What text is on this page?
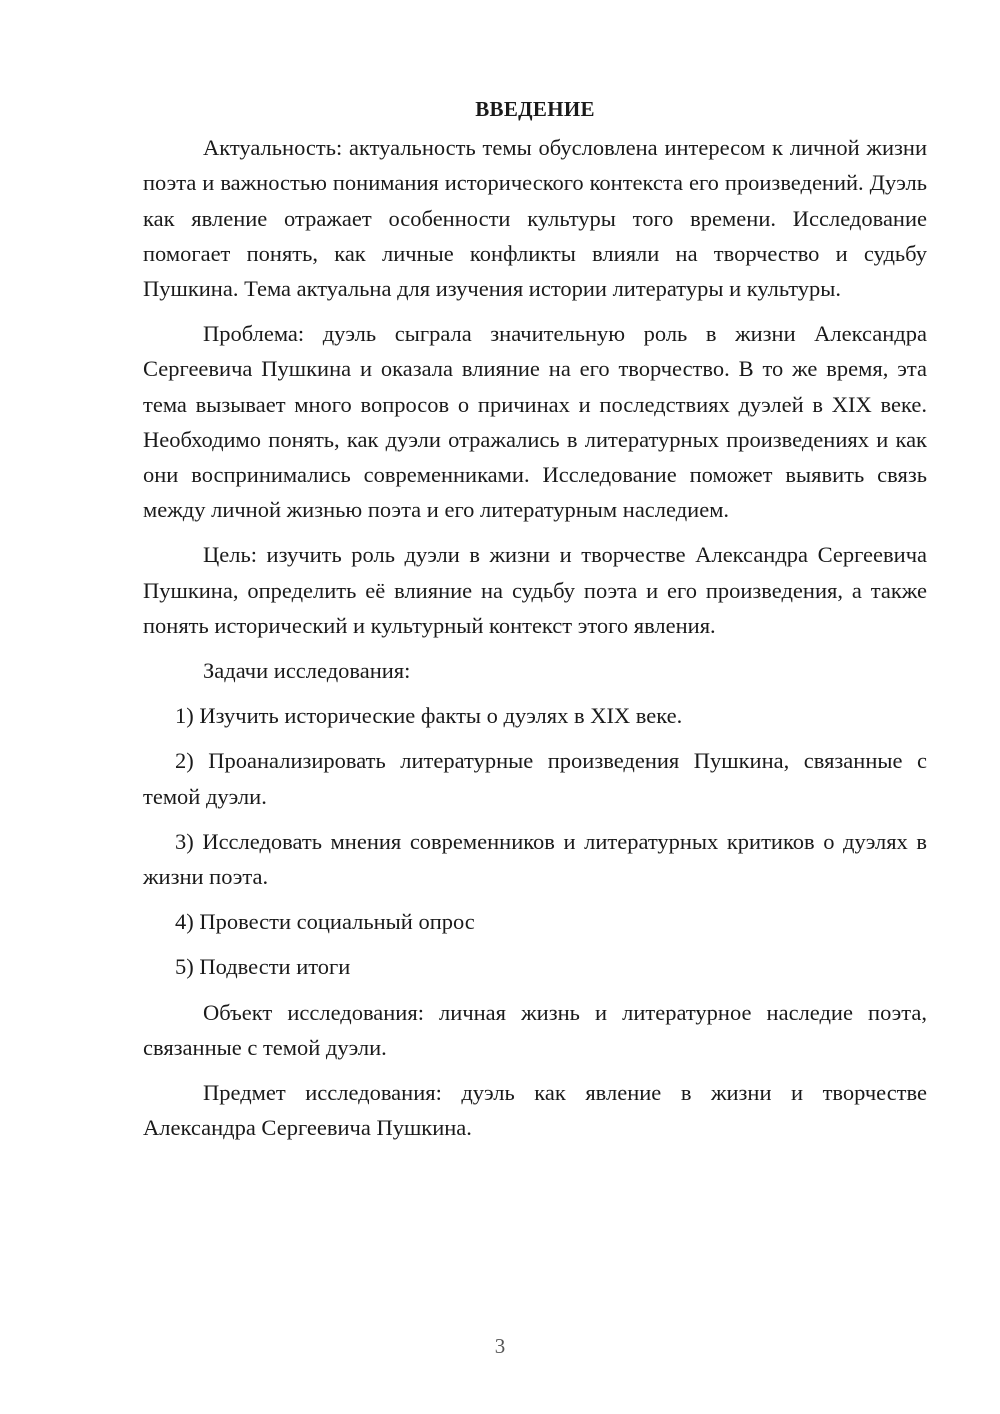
ВВЕДЕНИЕ

Актуальность: актуальность темы обусловлена интересом к личной жизни поэта и важностью понимания исторического контекста его произведений. Дуэль как явление отражает особенности культуры того времени. Исследование помогает понять, как личные конфликты влияли на творчество и судьбу Пушкина. Тема актуальна для изучения истории литературы и культуры.

Проблема: дуэль сыграла значительную роль в жизни Александра Сергеевича Пушкина и оказала влияние на его творчество. В то же время, эта тема вызывает много вопросов о причинах и последствиях дуэлей в XIX веке. Необходимо понять, как дуэли отражались в литературных произведениях и как они воспринимались современниками. Исследование поможет выявить связь между личной жизнью поэта и его литературным наследием.

Цель: изучить роль дуэли в жизни и творчестве Александра Сергеевича Пушкина, определить её влияние на судьбу поэта и его произведения, а также понять исторический и культурный контекст этого явления.

Задачи исследования:

1) Изучить исторические факты о дуэлях в XIX веке.

2) Проанализировать литературные произведения Пушкина, связанные с темой дуэли.

3) Исследовать мнения современников и литературных критиков о дуэлях в жизни поэта.

4) Провести социальный опрос

5) Подвести итоги

Объект исследования: личная жизнь и литературное наследие поэта, связанные с темой дуэли.

Предмет исследования: дуэль как явление в жизни и творчестве Александра Сергеевича Пушкина.

3
